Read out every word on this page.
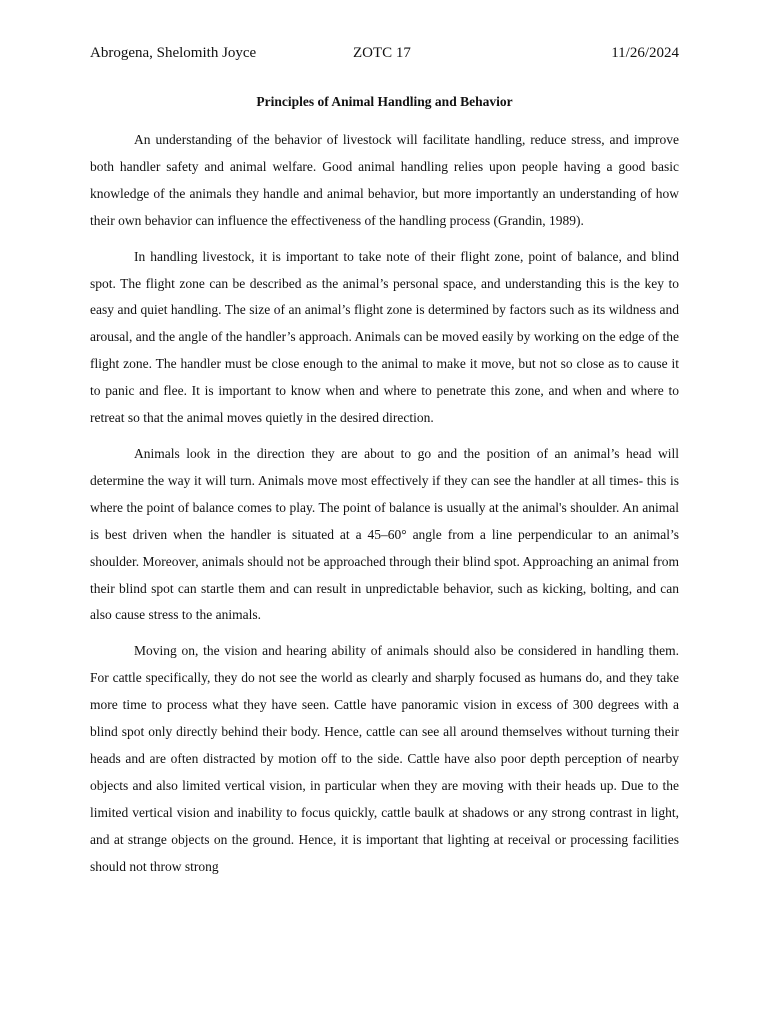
Abrogena, Shelomith Joyce	ZOTC 17	11/26/2024
Principles of Animal Handling and Behavior

An understanding of the behavior of livestock will facilitate handling, reduce stress, and improve both handler safety and animal welfare. Good animal handling relies upon people having a good basic knowledge of the animals they handle and animal behavior, but more importantly an understanding of how their own behavior can influence the effectiveness of the handling process (Grandin, 1989).

In handling livestock, it is important to take note of their flight zone, point of balance, and blind spot. The flight zone can be described as the animal’s personal space, and understanding this is the key to easy and quiet handling. The size of an animal’s flight zone is determined by factors such as its wildness and arousal, and the angle of the handler’s approach. Animals can be moved easily by working on the edge of the flight zone. The handler must be close enough to the animal to make it move, but not so close as to cause it to panic and flee. It is important to know when and where to penetrate this zone, and when and where to retreat so that the animal moves quietly in the desired direction.

Animals look in the direction they are about to go and the position of an animal’s head will determine the way it will turn. Animals move most effectively if they can see the handler at all times- this is where the point of balance comes to play. The point of balance is usually at the animal's shoulder. An animal is best driven when the handler is situated at a 45–60° angle from a line perpendicular to an animal’s shoulder. Moreover, animals should not be approached through their blind spot. Approaching an animal from their blind spot can startle them and can result in unpredictable behavior, such as kicking, bolting, and can also cause stress to the animals.

Moving on, the vision and hearing ability of animals should also be considered in handling them. For cattle specifically, they do not see the world as clearly and sharply focused as humans do, and they take more time to process what they have seen. Cattle have panoramic vision in excess of 300 degrees with a blind spot only directly behind their body. Hence, cattle can see all around themselves without turning their heads and are often distracted by motion off to the side. Cattle have also poor depth perception of nearby objects and also limited vertical vision, in particular when they are moving with their heads up. Due to the limited vertical vision and inability to focus quickly, cattle baulk at shadows or any strong contrast in light, and at strange objects on the ground. Hence, it is important that lighting at receival or processing facilities should not throw strong
